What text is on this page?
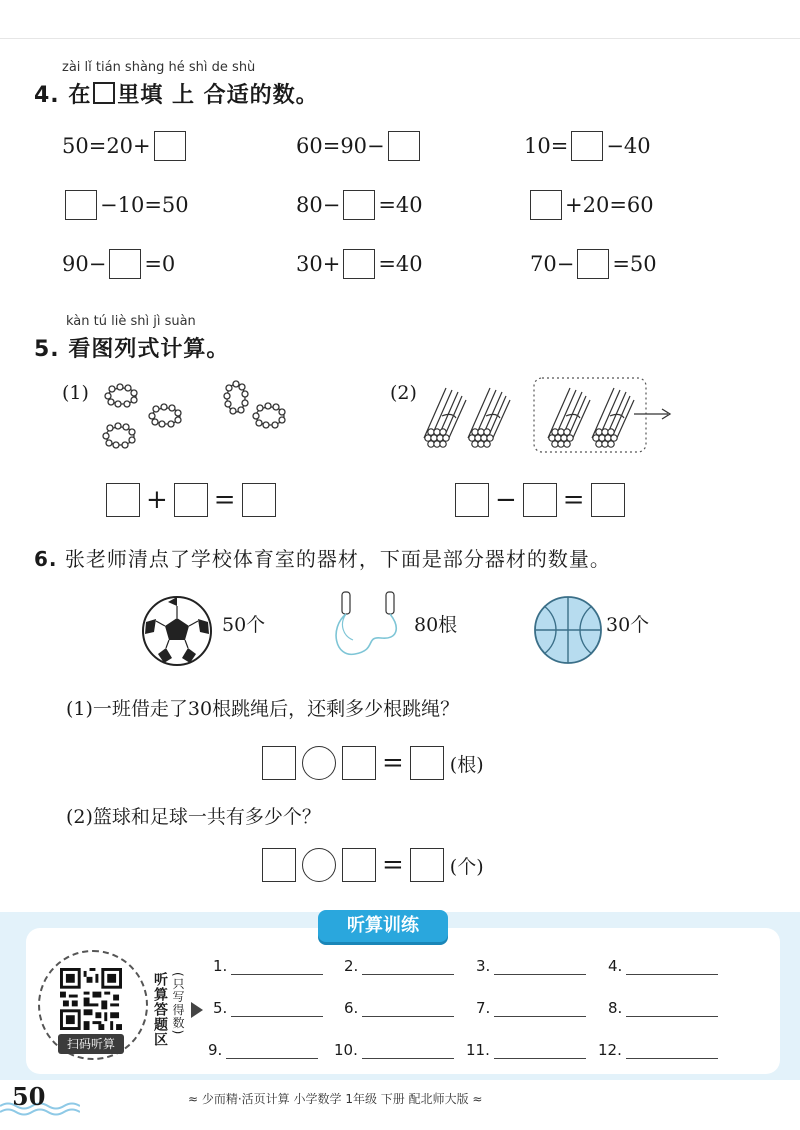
zài lǐ tián shàng hé shì de shù
4. 在 里填 上 合适的数。
50=20+	60=90−	10= −40
−10=50	80− =40	+20=60
90− =0	30+ =40	70− =50
kàn tú liè shì jì suàn
5. 看图列式计算。
(1)	(2)
+ =	− =
6. 张老师清点了学校体育室的器材，下面是部分器材的数量。
50个	80根	30个
(1)一班借走了30根跳绳后，还剩多少根跳绳？
= (根)
(2)篮球和足球一共有多少个？
= (个)
听算训练
扫码听算	听算答题区 (只写得数)
1.	2.	3.	4.
5.	6.	7.	8.
9.	10.	11.	12.
50	≈ 少而精·活页计算 小学数学 1年级 下册 配北师大版 ≈
